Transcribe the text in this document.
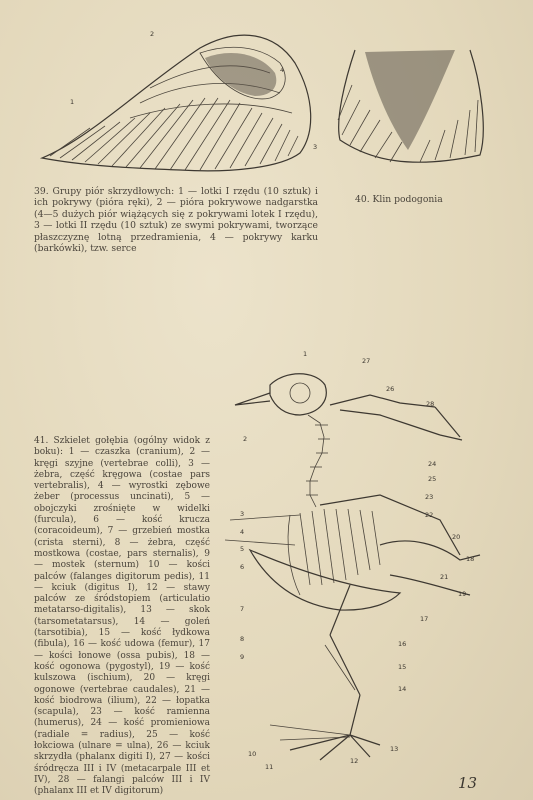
1
2
3
4

39. Grupy piór skrzydłowych: 1 — lotki I rzędu (10 sztuk) i ich pokrywy (pióra ręki), 2 — pióra pokrywowe nadgarstka (4—5 dużych piór wiążących się z pokrywami lotek I rzędu), 3 — lotki II rzędu (10 sztuk) ze swymi pokrywami, tworzące płaszczyznę lotną przedramienia, 4 — pokrywy karku (barkówki), tzw. serce

40. Klin podogonia

1
27
26
28
2
24
25
23
22
3
4
20
18
19
17
21
5
6
7
8
9
16
15
14
13
12
10
11

41. Szkielet gołębia (ogólny widok z boku): 1 — czaszka (cranium), 2 — kręgi szyjne (vertebrae colli), 3 — żebra, część kręgowa (costae pars vertebralis), 4 — wyrostki zębowe żeber (processus uncinati), 5 — obojczyki zrośnięte w widelki (furcula), 6 — kość krucza (coracoideum), 7 — grzebień mostka (crista sterni), 8 — żebra, część mostkowa (costae, pars sternalis), 9 — mostek (sternum) 10 — kości palców (falanges digitorum pedis), 11 — kciuk (digitus I), 12 — stawy palców ze śródstopiem (articulatio metatarso-digitalis), 13 — skok (tarsometatarsus), 14 — goleń (tarsotibia), 15 — kość łydkowa (fibula), 16 — kość udowa (femur), 17 — kości łonowe (ossa pubis), 18 — kość ogonowa (pygostyl), 19 — kość kulszowa (ischium), 20 — kręgi ogonowe (vertebrae caudales), 21 — kość biodrowa (ilium), 22 — łopatka (scapula), 23 — kość ramienna (humerus), 24 — kość promieniowa (radiale = radius), 25 — kość łokciowa (ulnare = ulna), 26 — kciuk skrzydła (phalanx digiti I), 27 — kości śródręcza III i IV (metacarpale III et IV), 28 — falangi palców III i IV (phalanx III et IV digitorum)	13
